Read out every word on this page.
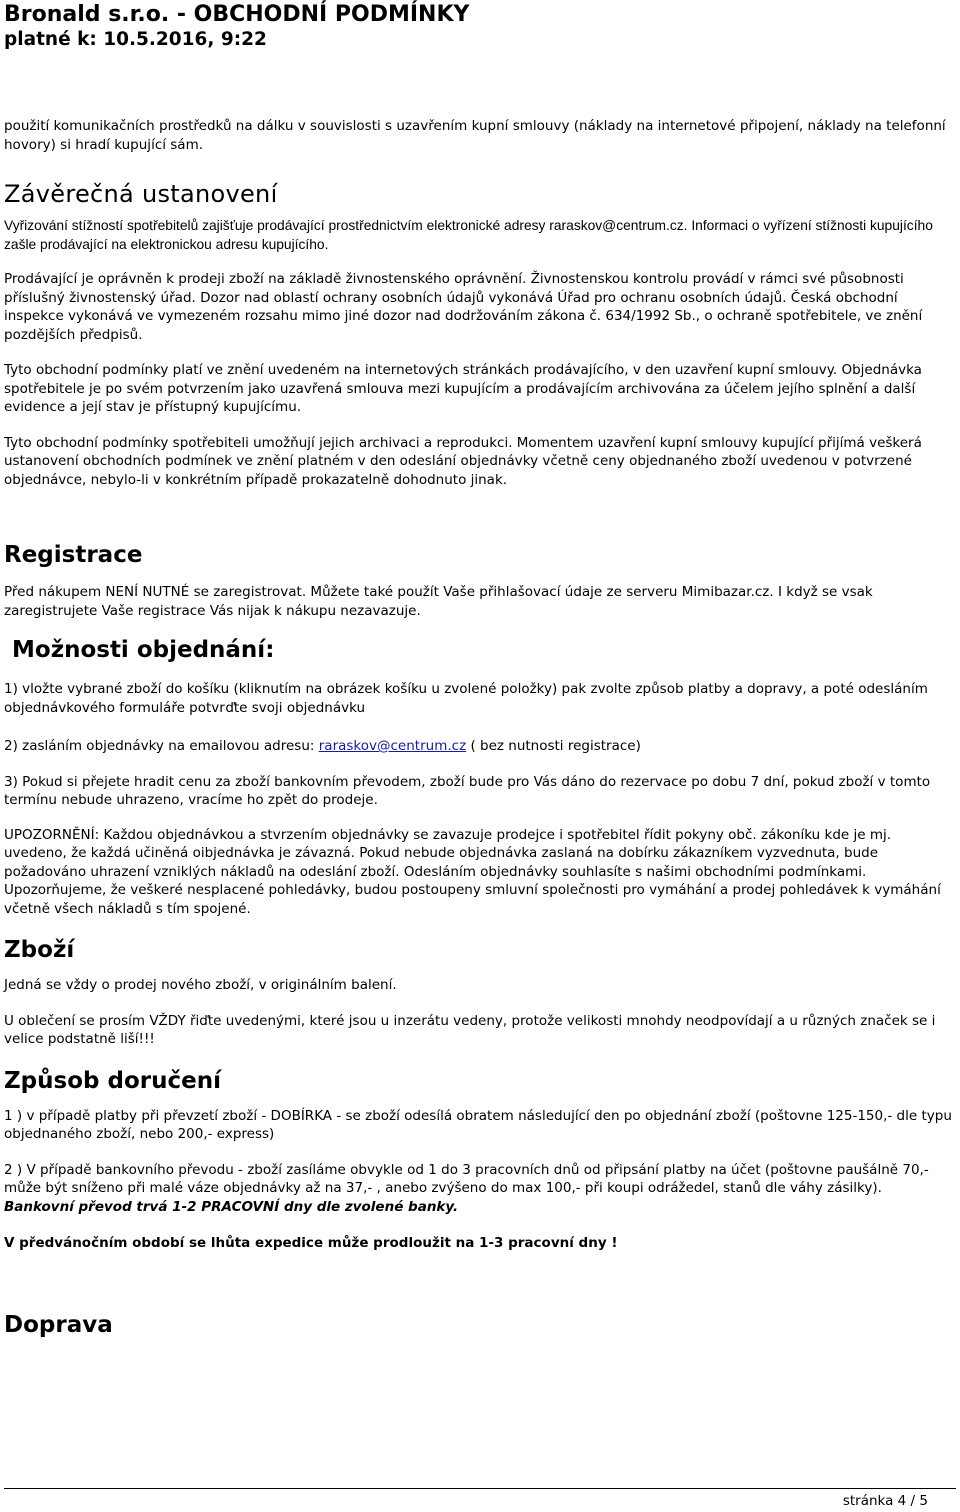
Bronald s.r.o. - OBCHODNÍ PODMÍNKY

platné k: 10.5.2016, 9:22

použití komunikačních prostředků na dálku v souvislosti s uzavřením kupní smlouvy (náklady na internetové připojení, náklady na telefonní hovory) si hradí kupující sám.

Závěrečná ustanovení

Vyřizování stížností spotřebitelů zajišťuje prodávající prostřednictvím elektronické adresy raraskov@centrum.cz. Informaci o vyřízení stížnosti kupujícího zašle prodávající na elektronickou adresu kupujícího.

Prodávající je oprávněn k prodeji zboží na základě živnostenského oprávnění. Živnostenskou kontrolu provádí v rámci své působnosti příslušný živnostenský úřad. Dozor nad oblastí ochrany osobních údajů vykonává Úřad pro ochranu osobních údajů. Česká obchodní inspekce vykonává ve vymezeném rozsahu mimo jiné dozor nad dodržováním zákona č. 634/1992 Sb., o ochraně spotřebitele, ve znění pozdějších předpisů.

Tyto obchodní podmínky platí ve znění uvedeném na internetových stránkách prodávajícího, v den uzavření kupní smlouvy. Objednávka spotřebitele je po svém potvrzením jako uzavřená smlouva mezi kupujícím a prodávajícím archivována za účelem jejího splnění a další evidence a její stav je přístupný kupujícímu.

Tyto obchodní podmínky spotřebiteli umožňují jejich archivaci a reprodukci. Momentem uzavření kupní smlouvy kupující přijímá veškerá ustanovení obchodních podmínek ve znění platném v den odeslání objednávky včetně ceny objednaného zboží uvedenou v potvrzené objednávce, nebylo-li v konkrétním případě prokazatelně dohodnuto jinak.

Registrace

Před nákupem NENÍ NUTNÉ se zaregistrovat. Můžete také použít Vaše přihlašovací údaje ze serveru Mimibazar.cz. I když se vsak zaregistrujete Vaše registrace Vás nijak k nákupu nezavazuje.

Možnosti objednání:

1) vložte vybrané zboží do košíku (kliknutím na obrázek košíku u zvolené položky) pak zvolte způsob platby a dopravy, a poté odesláním objednávkového formuláře potvrďte svoji objednávku

2) zasláním objednávky na emailovou adresu: raraskov@centrum.cz ( bez nutnosti registrace)

3) Pokud si přejete hradit cenu za zboží bankovním převodem, zboží bude pro Vás dáno do rezervace po dobu 7 dní, pokud zboží v tomto termínu nebude uhrazeno, vracíme ho zpět do prodeje.

UPOZORNĚNÍ: Každou objednávkou a stvrzením objednávky se zavazuje prodejce i spotřebitel řídit pokyny obč. zákoníku kde je mj. uvedeno, že každá učiněná oibjednávka je závazná. Pokud nebude objednávka zaslaná na dobírku zákazníkem vyzvednuta, bude požadováno uhrazení vzniklých nákladů na odeslání zboží. Odesláním objednávky souhlasíte s našimi obchodními podmínkami. Upozorňujeme, že veškeré nesplacené pohledávky, budou postoupeny smluvní společnosti pro vymáhání a prodej pohledávek k vymáhání včetně všech nákladů s tím spojené.

Zboží

Jedná se vždy o prodej nového zboží, v originálním balení.

U oblečení se prosím VŽDY řiďte uvedenými, které jsou u inzerátu vedeny, protože velikosti mnohdy neodpovídají a u různých značek se i velice podstatně liší!!!

Způsob doručení

1 ) v případě platby při převzetí zboží - DOBÍRKA - se zboží odesílá obratem následující den po objednání zboží (poštovne 125-150,- dle typu objednaného zboží, nebo 200,- express)

2 ) V případě bankovního převodu - zboží zasíláme obvykle od 1 do 3 pracovních dnů od připsání platby na účet (poštovne paušálně 70,- může být sníženo při malé váze objednávky až na 37,- , anebo zvýšeno do max 100,- při koupi odrážedel, stanů dle váhy zásilky). Bankovní převod trvá 1-2 PRACOVNÍ dny dle zvolené banky.

V předvánočním období se lhůta expedice může prodloužit na 1-3 pracovní dny !

Doprava
stránka 4 / 5
